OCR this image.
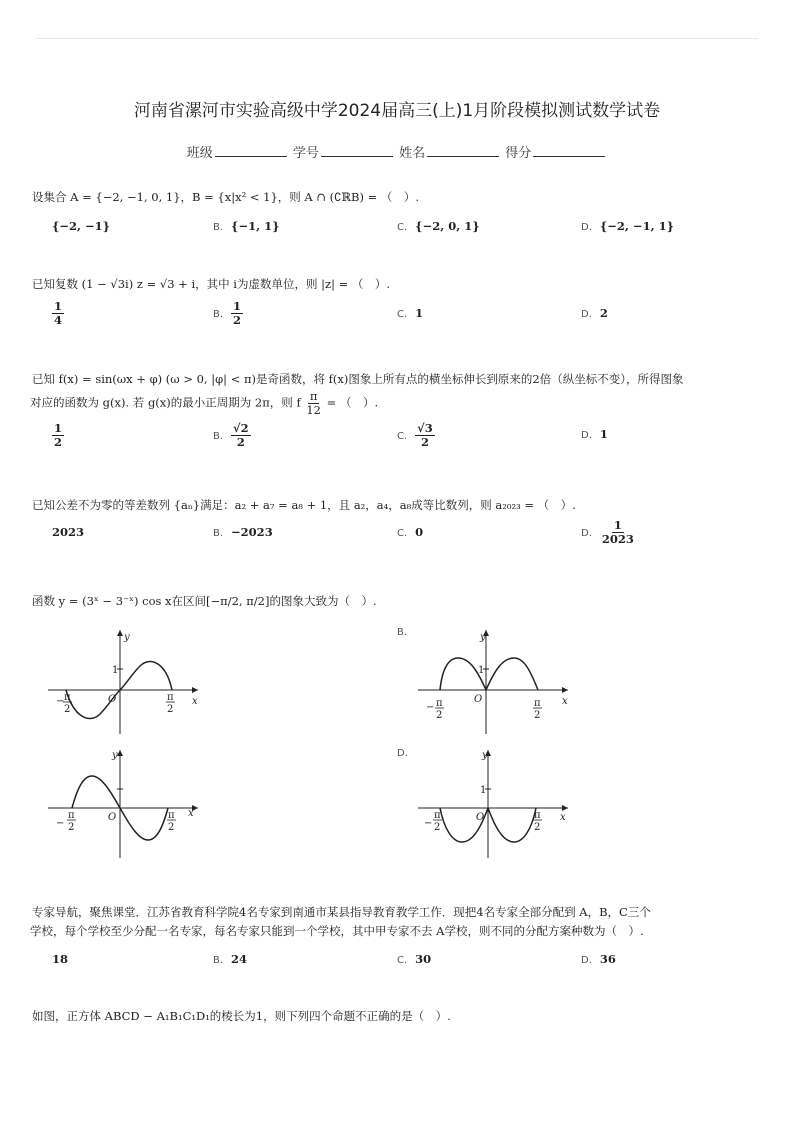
河南省漯河市实验高级中学2024届高三(上)1月阶段模拟测试数学试卷
班级	学号	姓名	得分
设集合 A = {−2, −1, 0, 1}，B = {x|x² < 1}，则 A ∩ (∁ℝB) = （　）.
{−2, −1}	B. {−1, 1}	C. {−2, 0, 1}	D. {−2, −1, 1}
已知复数 (1 − √3i) z = √3 + i，其中 i为虚数单位，则 |z| = （　）.
$\frac{1}{4}$	B. $\frac{1}{2}$	C. 1	D. 2
已知 f(x) = sin(ωx + φ) (ω > 0, |φ| < π)是奇函数，将 f(x)图象上所有点的横坐标伸长到原来的2倍（纵坐标不变），所得图象
对应的函数为 g(x). 若 g(x)的最小正周期为 2π，则 f $\frac{\pi}{12}$ = （　）.
$\frac{1}{2}$	B. $\frac{√2}{2}$	C. $\frac{√3}{2}$	D. 1
已知公差不为零的等差数列 {aₙ}满足：a₂ + a₇ = a₈ + 1，且 a₂，a₄，a₈成等比数列，则 a₂₀₂₃ = （　）.
2023	B. −2023	C. 0	D. $\frac{1}{2023}$
函数 y = (3ˣ − 3⁻ˣ) cos x在区间[−π/2, π/2]的图象大致为（　）.
B.
D.
y
x
O
1
− π
2
π
2
y
x
O
1
− π
2
π
2
y
x
O
−
π
2
π
2
y
x
O
1
−
π
2
π
2
专家导航，聚焦课堂．江苏省教育科学院4名专家到南通市某县指导教育教学工作．现把4名专家全部分配到 A，B，C三个
学校，每个学校至少分配一名专家，每名专家只能到一个学校，其中甲专家不去 A学校，则不同的分配方案种数为（　）.
18	B. 24	C. 30	D. 36
如图，正方体 ABCD − A₁B₁C₁D₁的棱长为1，则下列四个命题不正确的是（　）.
